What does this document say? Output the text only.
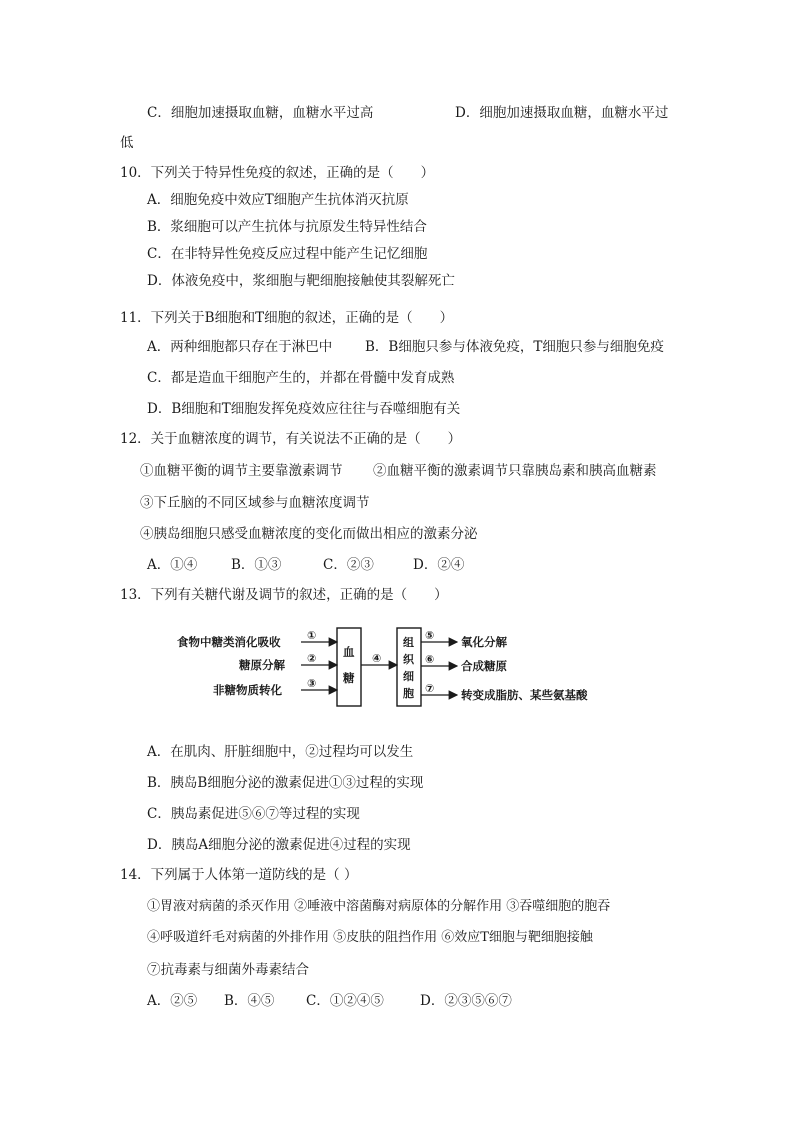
C．细胞加速摄取血糖，血糖水平过高	D．细胞加速摄取血糖，血糖水平过
低
10．下列关于特异性免疫的叙述，正确的是（　　）
A．细胞免疫中效应T细胞产生抗体消灭抗原
B．浆细胞可以产生抗体与抗原发生特异性结合
C．在非特异性免疫反应过程中能产生记忆细胞
D．体液免疫中，浆细胞与靶细胞接触使其裂解死亡
11．下列关于B细胞和T细胞的叙述，正确的是（　　）
A．两种细胞都只存在于淋巴中 B．B细胞只参与体液免疫，T细胞只参与细胞免疫
C．都是造血干细胞产生的，并都在骨髓中发育成熟
D．B细胞和T细胞发挥免疫效应往往与吞噬细胞有关
12．关于血糖浓度的调节，有关说法不正确的是（　　）
①血糖平衡的调节主要靠激素调节 ②血糖平衡的激素调节只靠胰岛素和胰高血糖素
③下丘脑的不同区域参与血糖浓度调节
④胰岛细胞只感受血糖浓度的变化而做出相应的激素分泌
A．①④	B．①③	C．②③	D．②④
13．下列有关糖代谢及调节的叙述，正确的是（　　）
食物中糖类消化吸收
糖原分解
非糖物质转化
①
②
③
血
糖
④
组
织
细
胞
⑤
⑥
⑦
氧化分解
合成糖原
转变成脂肪、某些氨基酸
A．在肌肉、肝脏细胞中，②过程均可以发生
B．胰岛B细胞分泌的激素促进①③过程的实现
C．胰岛素促进⑤⑥⑦等过程的实现
D．胰岛A细胞分泌的激素促进④过程的实现
14．下列属于人体第一道防线的是（ ）
①胃液对病菌的杀灭作用 ②唾液中溶菌酶对病原体的分解作用 ③吞噬细胞的胞吞
④呼吸道纤毛对病菌的外排作用 ⑤皮肤的阻挡作用 ⑥效应T细胞与靶细胞接触
⑦抗毒素与细菌外毒素结合
A．②⑤ B．④⑤ C．①②④⑤	D．②③⑤⑥⑦
